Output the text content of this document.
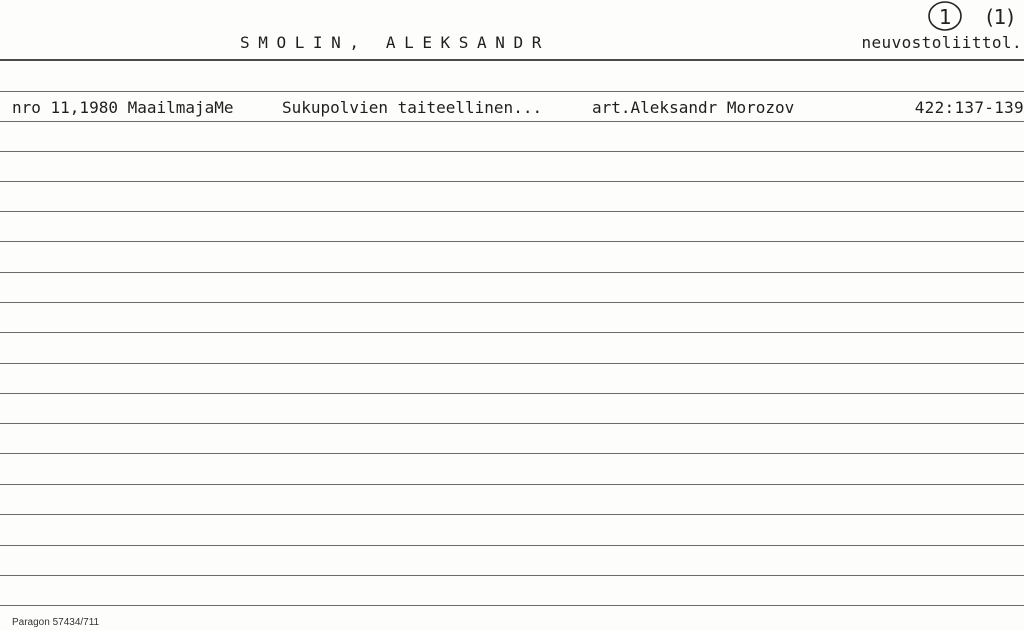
SMOLIN, ALEKSANDR	neuvostoliittol.
1 (1)
nro 11,1980 MaailmajaMe	Sukupolvien taiteellinen...	art.Aleksandr Morozov	422:137-139
Paragon 57434/711
